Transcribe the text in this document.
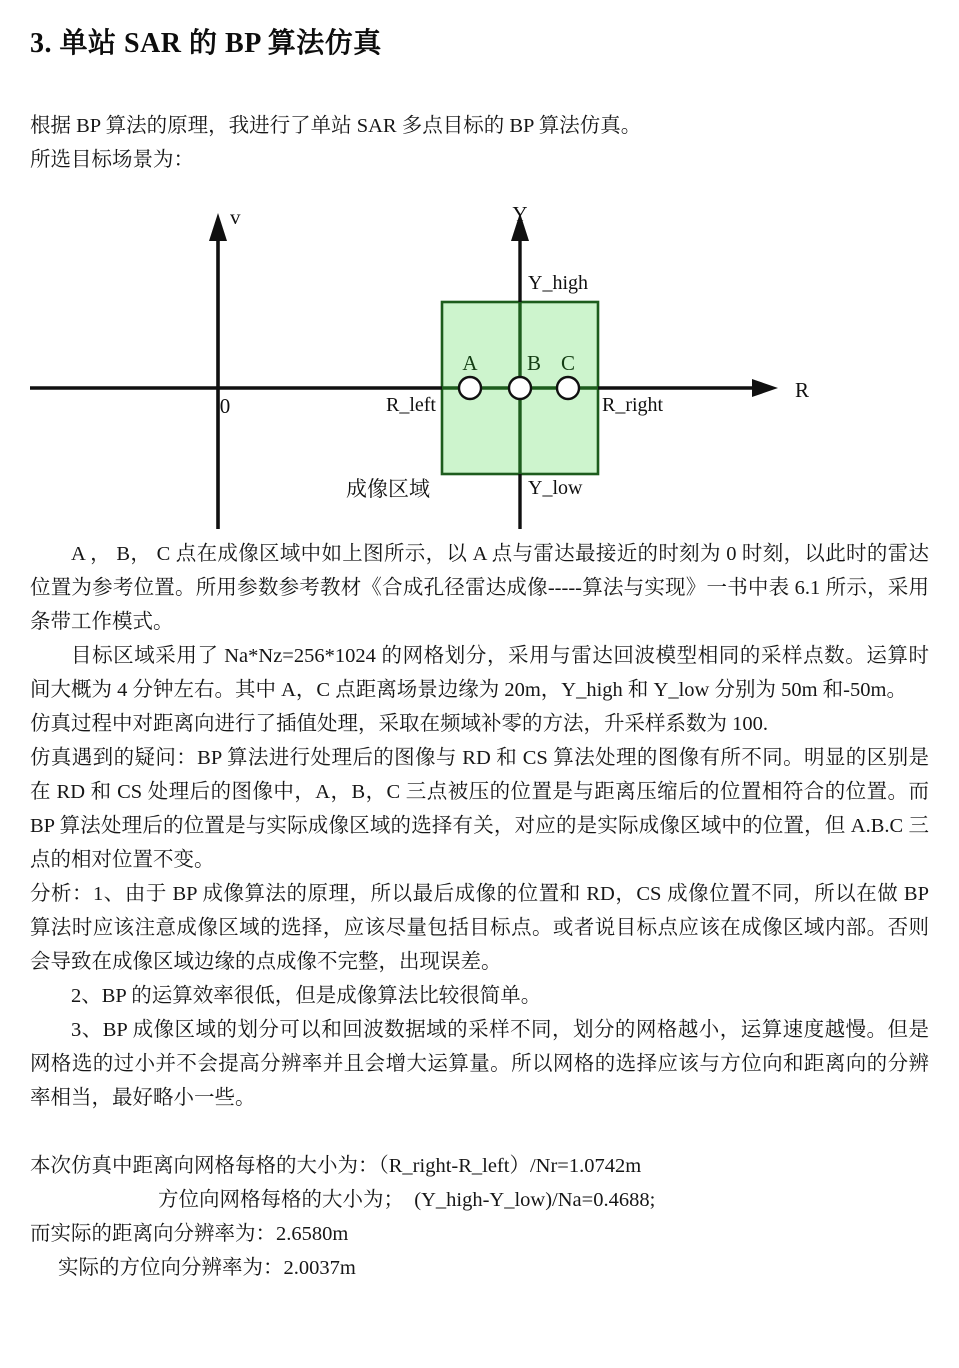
3. 单站 SAR 的 BP 算法仿真

根据 BP 算法的原理，我进行了单站 SAR 多点目标的 BP 算法仿真。

所选目标场景为：

A B C
v
0
Y
R
Y_high
Y_low
R_left	R_right
成像区域

A ， B， C 点在成像区域中如上图所示，以 A 点与雷达最接近的时刻为 0 时刻，以此时的雷达位置为参考位置。所用参数参考教材《合成孔径雷达成像-----算法与实现》一书中表 6.1 所示，采用条带工作模式。

目标区域采用了 Na*Nz=256*1024 的网格划分，采用与雷达回波模型相同的采样点数。运算时间大概为 4 分钟左右。其中 A，C 点距离场景边缘为 20m，Y_high 和 Y_low 分别为 50m 和-50m。

仿真过程中对距离向进行了插值处理，采取在频域补零的方法，升采样系数为 100.

仿真遇到的疑问：BP 算法进行处理后的图像与 RD 和 CS 算法处理的图像有所不同。明显的区别是在 RD 和 CS 处理后的图像中，A，B，C 三点被压的位置是与距离压缩后的位置相符合的位置。而 BP 算法处理后的位置是与实际成像区域的选择有关，对应的是实际成像区域中的位置，但 A.B.C 三点的相对位置不变。

分析：1、由于 BP 成像算法的原理，所以最后成像的位置和 RD，CS 成像位置不同，所以在做 BP 算法时应该注意成像区域的选择，应该尽量包括目标点。或者说目标点应该在成像区域内部。否则会导致在成像区域边缘的点成像不完整，出现误差。

2、BP 的运算效率很低，但是成像算法比较很简单。

3、BP 成像区域的划分可以和回波数据域的采样不同，划分的网格越小，运算速度越慢。但是网格选的过小并不会提高分辨率并且会增大运算量。所以网格的选择应该与方位向和距离向的分辨率相当，最好略小一些。

本次仿真中距离向网格每格的大小为：（R_right-R_left）/Nr=1.0742m

方位向网格每格的大小为；  (Y_high-Y_low)/Na=0.4688;

而实际的距离向分辨率为：2.6580m

实际的方位向分辨率为：2.0037m
